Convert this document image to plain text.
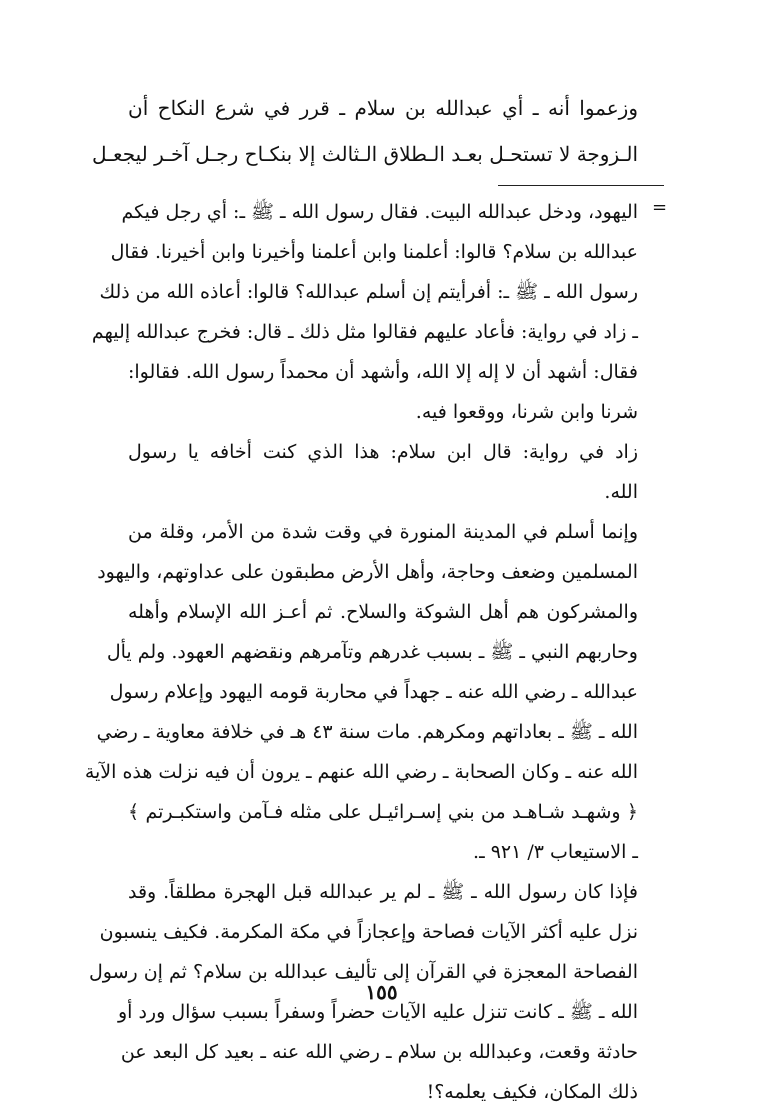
وزعموا أنه ـ أي عبدالله بن سلام ـ قرر في شرع النكاح أن
الـزوجة لا تستحـل بعـد الـطلاق الـثالث إلا بنكـاح رجـل آخـر ليجعـل
=
اليهود، ودخل عبدالله البيت. فقال رسول الله ـ ﷺ ـ: أي رجل فيكم
عبدالله بن سلام؟ قالوا: أعلمنا وابن أعلمنا وأخيرنا وابن أخيرنا. فقال
رسول الله ـ ﷺ ـ: أفرأيتم إن أسلم عبدالله؟ قالوا: أعاذه الله من ذلك
ـ زاد في رواية: فأعاد عليهم فقالوا مثل ذلك ـ قال: فخرج عبدالله إليهم
فقال: أشهد أن لا إله إلا الله، وأشهد أن محمداً رسول الله. فقالوا:
شرنا وابن شرنا، ووقعوا فيه.
زاد في رواية: قال ابن سلام: هذا الذي كنت أخافه يا رسول
الله.
وإنما أسلم في المدينة المنورة في وقت شدة من الأمر، وقلة من
المسلمين وضعف وحاجة، وأهل الأرض مطبقون على عداوتهم، واليهود
والمشركون هم أهل الشوكة والسلاح. ثم أعـز الله الإسلام وأهله
وحاربهم النبي ـ ﷺ ـ بسبب غدرهم وتآمرهم ونقضهم العهود. ولم يأل
عبدالله ـ رضي الله عنه ـ جهداً في محاربة قومه اليهود وإعلام رسول
الله ـ ﷺ ـ بعاداتهم ومكرهم. مات سنة ٤٣ هـ في خلافة معاوية ـ رضي
الله عنه ـ وكان الصحابة ـ رضي الله عنهم ـ يرون أن فيه نزلت هذه الآية
﴿ وشهـد شـاهـد من بني إسـرائيـل على مثله فـآمن واستكبـرتم ﴾
ـ الاستيعاب ٣/ ٩٢١ ـ.
فإذا كان رسول الله ـ ﷺ ـ لم ير عبدالله قبل الهجرة مطلقاً. وقد
نزل عليه أكثر الآيات فصاحة وإعجازاً في مكة المكرمة. فكيف ينسبون
الفصاحة المعجزة في القرآن إلى تأليف عبدالله بن سلام؟ ثم إن رسول
الله ـ ﷺ ـ كانت تنزل عليه الآيات حضراً وسفراً بسبب سؤال ورد أو
حادثة وقعت، وعبدالله بن سلام ـ رضي الله عنه ـ بعيد كل البعد عن
ذلك المكان، فكيف يعلمه؟!
١٥٥
